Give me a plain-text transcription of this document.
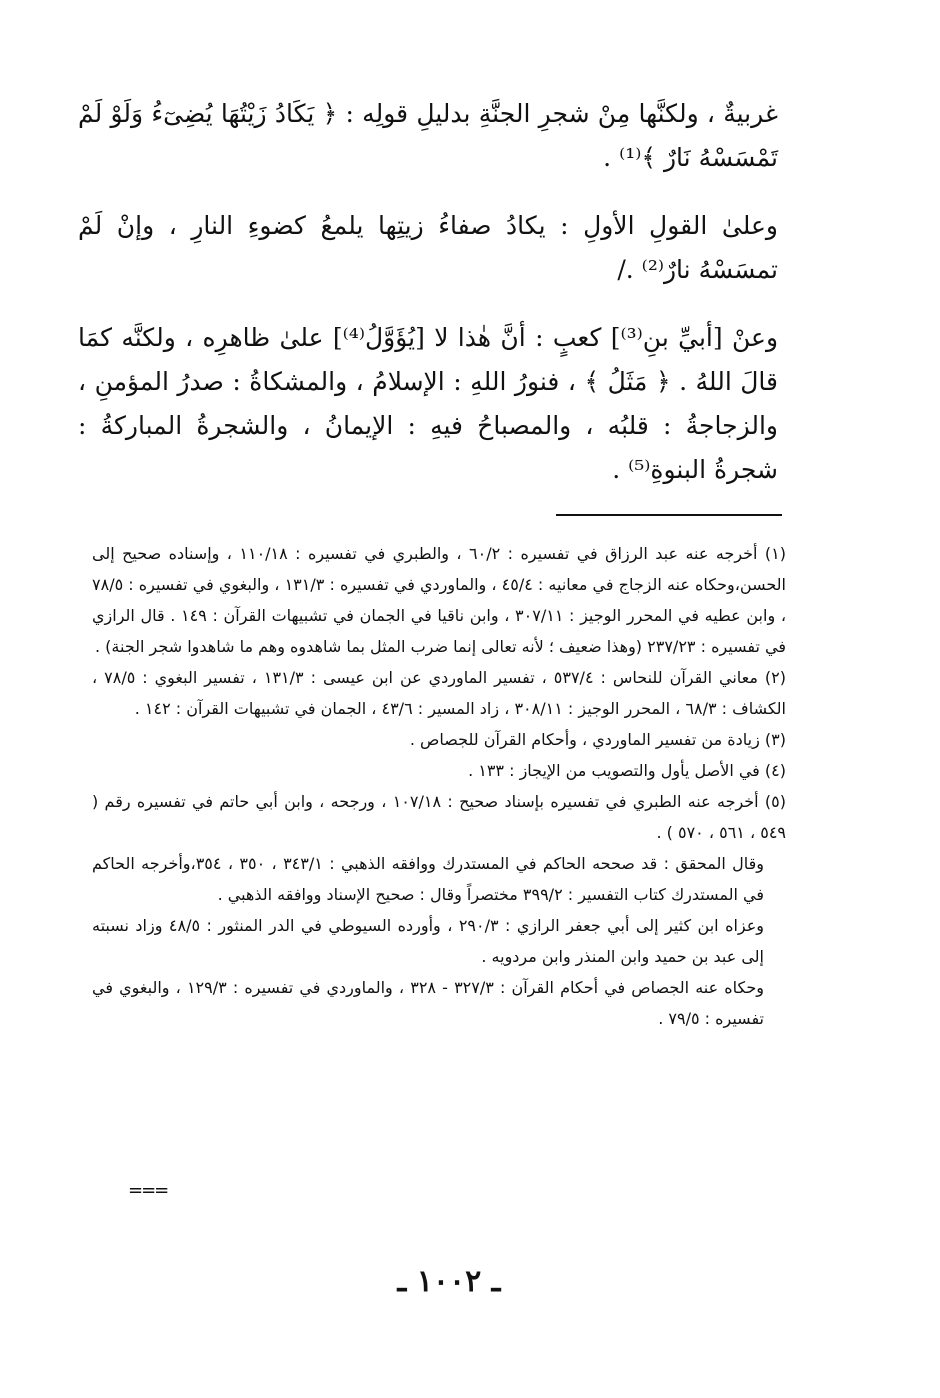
غربيةٌ ، ولكنَّها مِنْ شجرِ الجنَّةِ بدليلِ قولِه : ﴿ يَكَادُ زَيْتُهَا يُضِىٓءُ وَلَوْ لَمْ تَمْسَسْهُ نَارٌ ﴾⁽¹⁾ .

وعلىٰ القولِ الأولِ : يكادُ صفاءُ زيتِها يلمعُ كضوءِ النارِ ، وإنْ لَمْ تمسَسْهُ نارٌ⁽²⁾ ./

وعنْ [أبيِّ بنِ⁽³⁾] كعبٍ : أنَّ هٰذا لا [يُؤَوَّلُ⁽⁴⁾] علىٰ ظاهرِه ، ولكنَّه كمَا قالَ اللهُ . ﴿ مَثَلُ ﴾ ، فنورُ اللهِ : الإسلامُ ، والمشكاةُ : صدرُ المؤمنِ ، والزجاجةُ : قلبُه ، والمصباحُ فيهِ : الإيمانُ ، والشجرةُ المباركةُ : شجرةُ البنوةِ⁽⁵⁾ .

(١) أخرجه عنه عبد الرزاق في تفسيره : ٦٠/٢ ، والطبري في تفسيره : ١١٠/١٨ ، وإسناده صحيح إلى الحسن،وحكاه عنه الزجاج في معانيه : ٤٥/٤ ، والماوردي في تفسيره : ١٣١/٣ ، والبغوي في تفسيره : ٧٨/٥ ، وابن عطيه في المحرر الوجيز : ٣٠٧/١١ ، وابن ناقيا في الجمان في تشبيهات القرآن : ١٤٩ . قال الرازي في تفسيره : ٢٣٧/٢٣ (وهذا ضعيف ؛ لأنه تعالى إنما ضرب المثل بما شاهدوه وهم ما شاهدوا شجر الجنة) .

(٢) معاني القرآن للنحاس : ٥٣٧/٤ ، تفسير الماوردي عن ابن عيسى : ١٣١/٣ ، تفسير البغوي : ٧٨/٥ ، الكشاف : ٦٨/٣ ، المحرر الوجيز : ٣٠٨/١١ ، زاد المسير : ٤٣/٦ ، الجمان في تشبيهات القرآن : ١٤٢ .

(٣) زيادة من تفسير الماوردي ، وأحكام القرآن للجصاص .

(٤) في الأصل يأول والتصويب من الإيجاز : ١٣٣ .

(٥) أخرجه عنه الطبري في تفسيره بإسناد صحيح : ١٠٧/١٨ ، ورجحه ، وابن أبي حاتم في تفسيره رقم ( ٥٤٩ ، ٥٦١ ، ٥٧٠ ) .

وقال المحقق : قد صححه الحاكم في المستدرك ووافقه الذهبي : ٣٤٣/١ ، ٣٥٠ ، ٣٥٤،وأخرجه الحاكم في المستدرك كتاب التفسير : ٣٩٩/٢ مختصراً وقال : صحيح الإسناد ووافقه الذهبي .

وعزاه ابن كثير إلى أبي جعفر الرازي : ٢٩٠/٣ ، وأورده السيوطي في الدر المنثور : ٤٨/٥ وزاد نسبته إلى عبد بن حميد وابن المنذر وابن مردويه .

وحكاه عنه الجصاص في أحكام القرآن : ٣٢٧/٣ - ٣٢٨ ، والماوردي في تفسيره : ١٢٩/٣ ، والبغوي في تفسيره : ٧٩/٥ .

===
ـ ١٠٠٢ ـ
